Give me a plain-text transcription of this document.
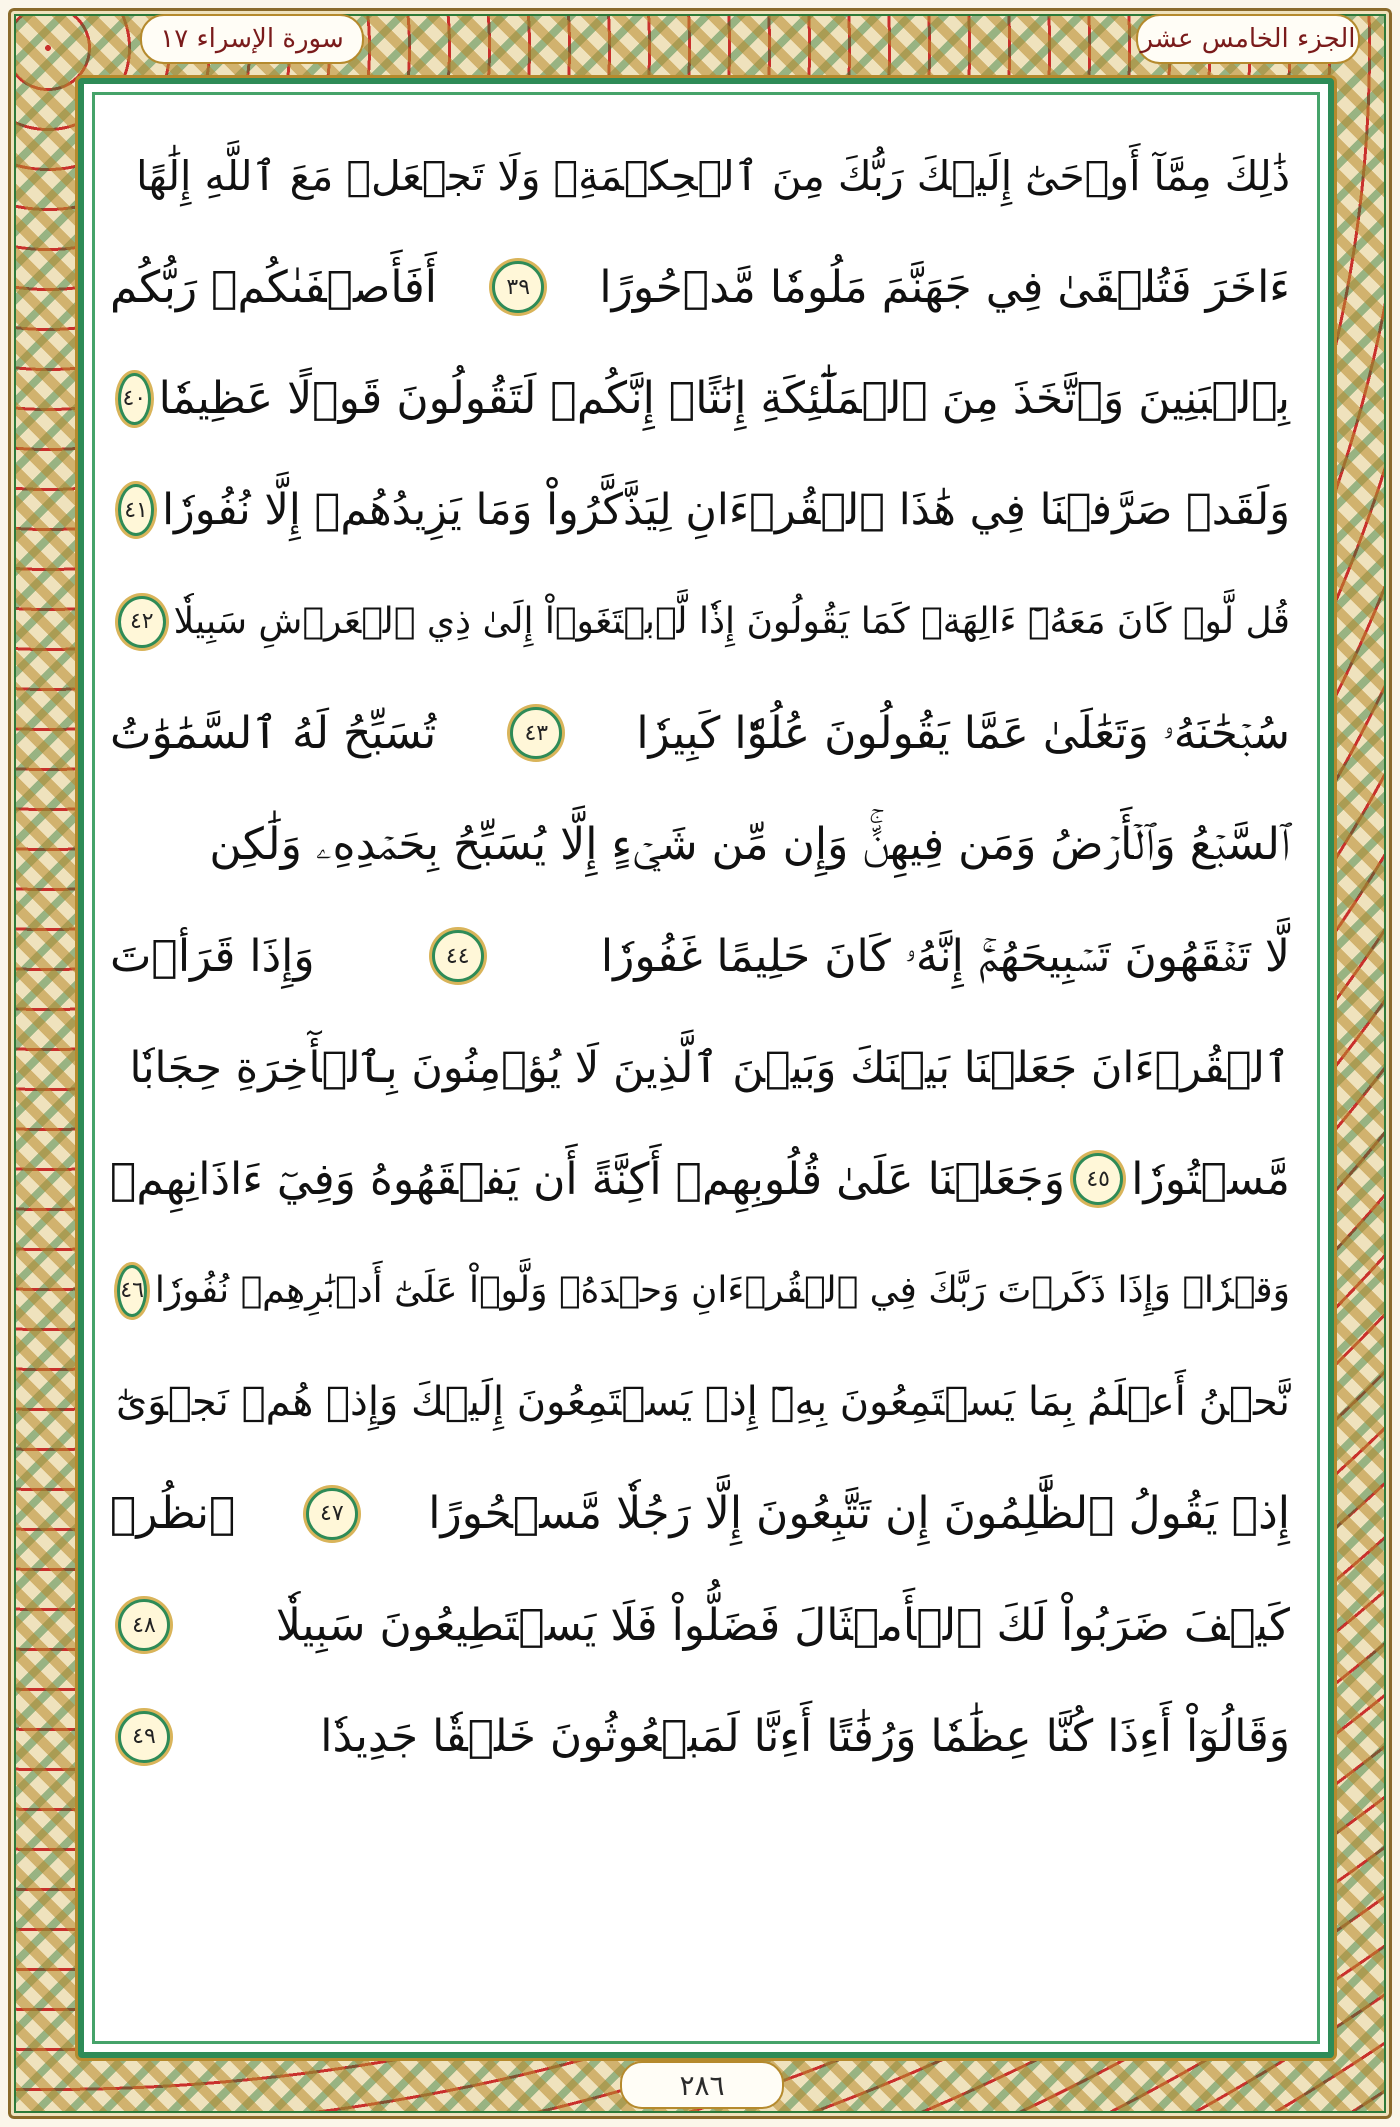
الجزء الخامس عشر
سورة الإسراء ١٧
ذَٰلِكَ مِمَّآ أَوۡحَىٰٓ إِلَيۡكَ رَبُّكَ مِنَ ٱلۡحِكۡمَةِۗ وَلَا تَجۡعَلۡ مَعَ ٱللَّهِ إِلَٰهًا
ءَاخَرَ فَتُلۡقَىٰ فِي جَهَنَّمَ مَلُومٗا مَّدۡحُورًا
٣٩
أَفَأَصۡفَىٰكُمۡ رَبُّكُم
بِٱلۡبَنِينَ وَٱتَّخَذَ مِنَ ٱلۡمَلَٰٓئِكَةِ إِنَٰثًاۚ إِنَّكُمۡ لَتَقُولُونَ قَوۡلًا عَظِيمٗا
٤٠
وَلَقَدۡ صَرَّفۡنَا فِي هَٰذَا ٱلۡقُرۡءَانِ لِيَذَّكَّرُواْ وَمَا يَزِيدُهُمۡ إِلَّا نُفُورٗا
٤١
قُل لَّوۡ كَانَ مَعَهُۥٓ ءَالِهَةٞ كَمَا يَقُولُونَ إِذٗا لَّٱبۡتَغَوۡاْ إِلَىٰ ذِي ٱلۡعَرۡشِ سَبِيلٗا
٤٢
سُبۡحَٰنَهُۥ وَتَعَٰلَىٰ عَمَّا يَقُولُونَ عُلُوّٗا كَبِيرٗا
٤٣
تُسَبِّحُ لَهُ ٱلسَّمَٰوَٰتُ
ٱلسَّبۡعُ وَٱلۡأَرۡضُ وَمَن فِيهِنَّۚ وَإِن مِّن شَيۡءٍ إِلَّا يُسَبِّحُ بِحَمۡدِهِۦ وَلَٰكِن
لَّا تَفۡقَهُونَ تَسۡبِيحَهُمۡۚ إِنَّهُۥ كَانَ حَلِيمًا غَفُورٗا
٤٤
وَإِذَا قَرَأۡتَ
ٱلۡقُرۡءَانَ جَعَلۡنَا بَيۡنَكَ وَبَيۡنَ ٱلَّذِينَ لَا يُؤۡمِنُونَ بِٱلۡأٓخِرَةِ حِجَابٗا
مَّسۡتُورٗا
٤٥
وَجَعَلۡنَا عَلَىٰ قُلُوبِهِمۡ أَكِنَّةً أَن يَفۡقَهُوهُ وَفِيٓ ءَاذَانِهِمۡ
وَقۡرٗاۚ وَإِذَا ذَكَرۡتَ رَبَّكَ فِي ٱلۡقُرۡءَانِ وَحۡدَهُۥ وَلَّوۡاْ عَلَىٰٓ أَدۡبَٰرِهِمۡ نُفُورٗا
٤٦
نَّحۡنُ أَعۡلَمُ بِمَا يَسۡتَمِعُونَ بِهِۦٓ إِذۡ يَسۡتَمِعُونَ إِلَيۡكَ وَإِذۡ هُمۡ نَجۡوَىٰٓ
إِذۡ يَقُولُ ٱلظَّٰلِمُونَ إِن تَتَّبِعُونَ إِلَّا رَجُلٗا مَّسۡحُورًا
٤٧
ٱنظُرۡ
كَيۡفَ ضَرَبُواْ لَكَ ٱلۡأَمۡثَالَ فَضَلُّواْ فَلَا يَسۡتَطِيعُونَ سَبِيلٗا
٤٨
وَقَالُوٓاْ أَءِذَا كُنَّا عِظَٰمٗا وَرُفَٰتًا أَءِنَّا لَمَبۡعُوثُونَ خَلۡقٗا جَدِيدٗا
٤٩
٢٨٦
